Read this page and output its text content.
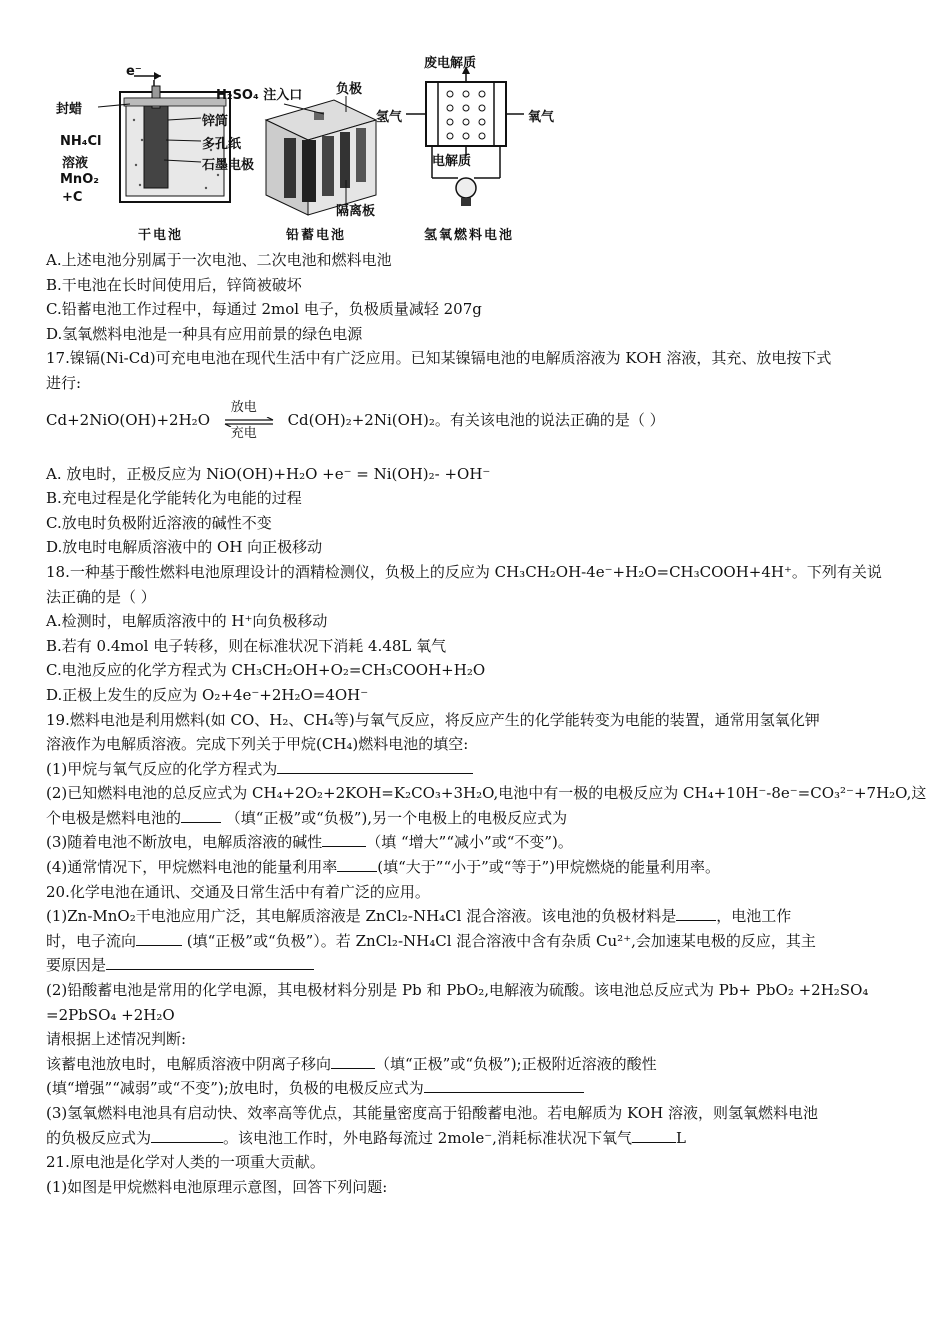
e⁻
封蜡
NH₄Cl
溶液
MnO₂
+C
锌筒
多孔纸
石墨电极
干电池
H₂SO₄ 注入口	负极
隔离板
铅蓄电池
废电解质
氢气	氧气
电解质
氢氧燃料电池
A.上述电池分别属于一次电池、二次电池和燃料电池
B.干电池在长时间使用后，锌筒被破坏
C.铅蓄电池工作过程中，每通过 2mol 电子，负极质量减轻 207g
D.氢氧燃料电池是一种具有应用前景的绿色电源
17.镍镉(Ni-Cd)可充电电池在现代生活中有广泛应用。已知某镍镉电池的电解质溶液为 KOH 溶液，其充、放电按下式
进行:
Cd+2NiO(OH)+2H₂O
放电
充电
Cd(OH)₂+2Ni(OH)₂。有关该电池的说法正确的是（ ）
A. 放电时，正极反应为 NiO(OH)+H₂O +e⁻ = Ni(OH)₂- +OH⁻
B.充电过程是化学能转化为电能的过程
C.放电时负极附近溶液的碱性不变
D.放电时电解质溶液中的 OH 向正极移动
18.一种基于酸性燃料电池原理设计的酒精检测仪，负极上的反应为 CH₃CH₂OH-4e⁻+H₂O=CH₃COOH+4H⁺。下列有关说
法正确的是（ ）
A.检测时，电解质溶液中的 H⁺向负极移动
B.若有 0.4mol 电子转移，则在标准状况下消耗 4.48L 氧气
C.电池反应的化学方程式为 CH₃CH₂OH+O₂=CH₃COOH+H₂O
D.正极上发生的反应为 O₂+4e⁻+2H₂O=4OH⁻
19.燃料电池是利用燃料(如 CO、H₂、CH₄等)与氧气反应，将反应产生的化学能转变为电能的装置，通常用氢氧化钾
溶液作为电解质溶液。完成下列关于甲烷(CH₄)燃料电池的填空:
(1)甲烷与氧气反应的化学方程式为
(2)已知燃料电池的总反应式为 CH₄+2O₂+2KOH=K₂CO₃+3H₂O,电池中有一极的电极反应为 CH₄+10H⁻-8e⁻=CO₃²⁻+7H₂O,这
个电极是燃料电池的	（填“正极”或“负极”),另一个电极上的电极反应式为
(3)随着电池不断放电，电解质溶液的碱性	（填 “增大”“减小”或“不变”)。
(4)通常情况下，甲烷燃料电池的能量利用率	(填“大于”“小于”或“等于”)甲烷燃烧的能量利用率。
20.化学电池在通讯、交通及日常生活中有着广泛的应用。
(1)Zn-MnO₂干电池应用广泛，其电解质溶液是 ZnCl₂-NH₄Cl 混合溶液。该电池的负极材料是	，电池工作
时，电子流向	(填“正极”或“负极”）。若 ZnCl₂-NH₄Cl 混合溶液中含有杂质 Cu²⁺,会加速某电极的反应，其主
要原因是
(2)铅酸蓄电池是常用的化学电源，其电极材料分别是 Pb 和 PbO₂,电解液为硫酸。该电池总反应式为 Pb+ PbO₂ +2H₂SO₄
=2PbSO₄ +2H₂O
请根据上述情况判断:
该蓄电池放电时，电解质溶液中阴离子移向	（填“正极”或“负极”);正极附近溶液的酸性
(填“增强”“减弱”或“不变”);放电时，负极的电极反应式为
(3)氢氧燃料电池具有启动快、效率高等优点，其能量密度高于铅酸蓄电池。若电解质为 KOH 溶液，则氢氧燃料电池
的负极反应式为	。该电池工作时，外电路每流过 2mole⁻,消耗标准状况下氧气	L
21.原电池是化学对人类的一项重大贡献。
(1)如图是甲烷燃料电池原理示意图，回答下列问题:
